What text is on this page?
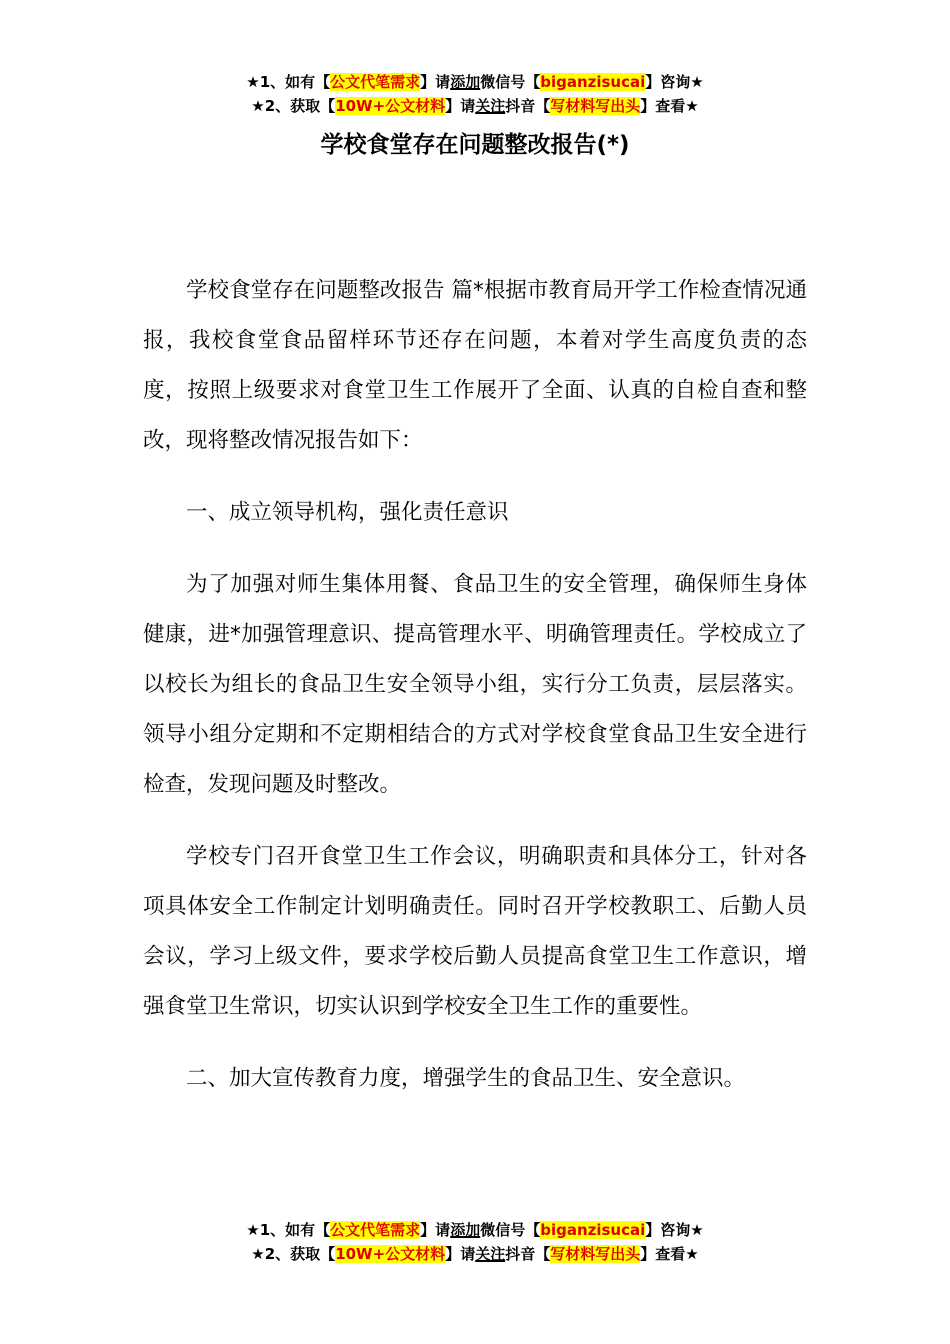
★1、如有【公文代笔需求】请添加微信号【biganzisucai】咨询★
★2、获取【10W+公文材料】请关注抖音【写材料写出头】查看★
学校食堂存在问题整改报告(*)

学校食堂存在问题整改报告 篇*根据市教育局开学工作检查情况通报，我校食堂食品留样环节还存在问题，本着对学生高度负责的态度，按照上级要求对食堂卫生工作展开了全面、认真的自检自查和整改，现将整改情况报告如下：

一、成立领导机构，强化责任意识

为了加强对师生集体用餐、食品卫生的安全管理，确保师生身体健康，进*加强管理意识、提高管理水平、明确管理责任。学校成立了以校长为组长的食品卫生安全领导小组，实行分工负责，层层落实。领导小组分定期和不定期相结合的方式对学校食堂食品卫生安全进行检查，发现问题及时整改。

学校专门召开食堂卫生工作会议，明确职责和具体分工，针对各项具体安全工作制定计划明确责任。同时召开学校教职工、后勤人员会议，学习上级文件，要求学校后勤人员提高食堂卫生工作意识，增强食堂卫生常识，切实认识到学校安全卫生工作的重要性。

二、加大宣传教育力度，增强学生的食品卫生、安全意识。

★1、如有【公文代笔需求】请添加微信号【biganzisucai】咨询★
★2、获取【10W+公文材料】请关注抖音【写材料写出头】查看★
